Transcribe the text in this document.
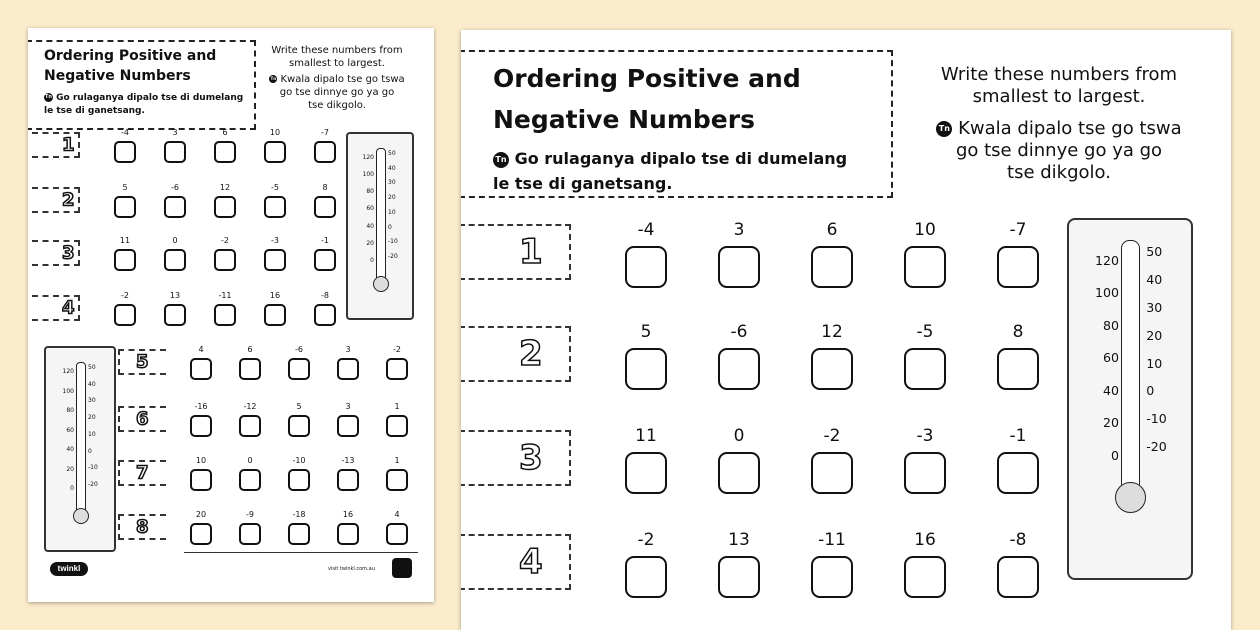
Ordering Positive and
Negative Numbers
Tn Go rulaganya dipalo tse di dumelang
le tse di ganetsang.
Write these numbers from
smallest to largest.
Tn Kwala dipalo tse go tswa
go tse dinnye go ya go
tse dikgolo.
1
-4	3	6	10	-7
2
5	-6	12	-5	8
3
11	0	-2	-3	-1
4
-2	13	-11	16	-8
5
4	6	-6	3	-2
6
-16	-12	5	3	1
7
10	0	-10	-13	1
8
20	-9	-18	16	4
120
100
80
60
40
20
0
50
40
30
20
10
0
-10
-20
120
100
80
60
40
20
0
50
40
30
20
10
0
-10
-20
twinkl	visit twinkl.com.au
Ordering Positive and
Negative Numbers
Tn Go rulaganya dipalo tse di dumelang
le tse di ganetsang.
Write these numbers from
smallest to largest.
Tn Kwala dipalo tse go tswa
go tse dinnye go ya go
tse dikgolo.
1
-4	3	6	10	-7
2
5	-6	12	-5	8
3
11	0	-2	-3	-1
4
-2	13	-11	16	-8
120
100
80
60
40
20
0
50
40
30
20
10
0
-10
-20
